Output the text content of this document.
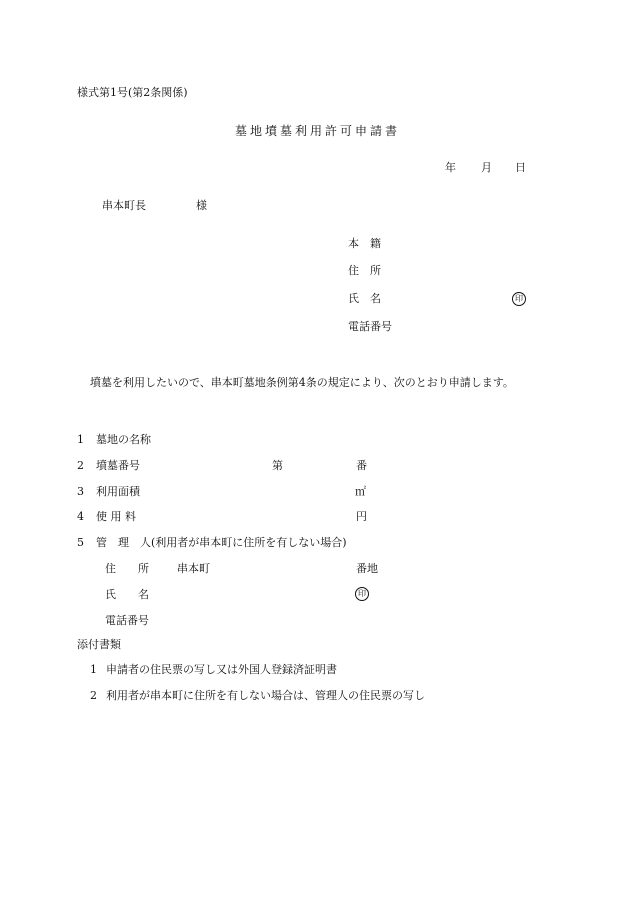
様式第1号(第2条関係)
墓地墳墓利用許可申請書
年 月 日
串本町長	様
本　籍
住　所
氏　名	印
電話番号
墳墓を利用したいので、串本町墓地条例第4条の規定により、次のとおり申請します。
1 墓地の名称
2 墳墓番号	第	番
3 利用面積	㎡
4 使 用 料	円
5 管　理　人(利用者が串本町に住所を有しない場合)
住　　所	串本町	番地
氏　　名	印
電話番号
添付書類
1 申請者の住民票の写し又は外国人登録済証明書
2 利用者が串本町に住所を有しない場合は、管理人の住民票の写し
